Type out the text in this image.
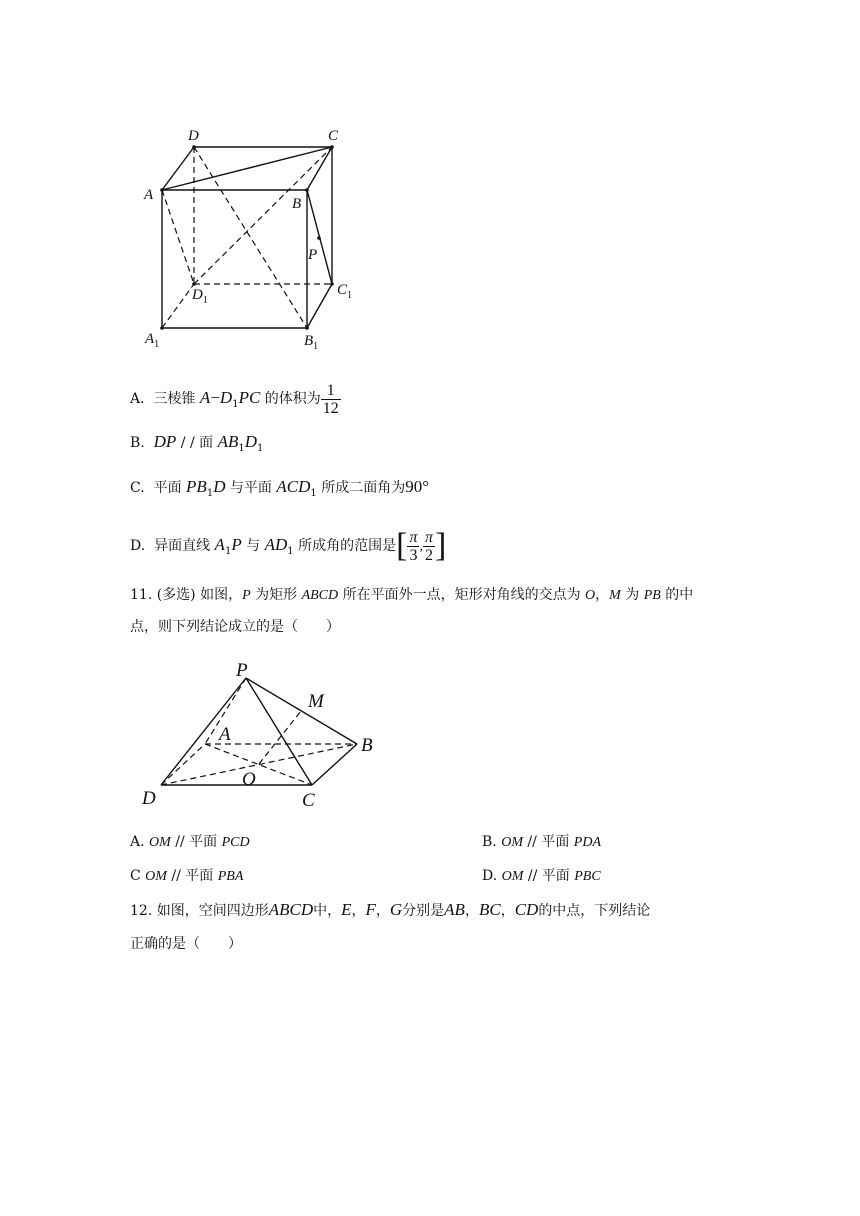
D	C
A
B
P
$D_1$
$C_1$
$A_1$	$B_1$
A. 三棱锥 $A-D_1PC$ 的体积为 $\frac{1}{12}$
B. DP / / 面 $AB_1D_1$
C. 平面 $PB_1D$ 与平面 $ACD_1$ 所成二面角为90°
D. 异面直线 $A_1P$ 与 $AD_1$ 所成角的范围是[ $\frac{\pi}{3}$ , $\frac{\pi}{2}$ ]
11. (多选) 如图，P 为矩形 ABCD 所在平面外一点，矩形对角线的交点为 O，M 为 PB 的中
点，则下列结论成立的是（　　）
P
M
A
B
O
D	C
A. OM // 平面 PCD	B. OM // 平面 PDA
C OM // 平面 PBA	D. OM // 平面 PBC
12. 如图，空间四边形ABCD中，E，F，G分别是AB，BC，CD的中点，下列结论
正确的是（　　）
